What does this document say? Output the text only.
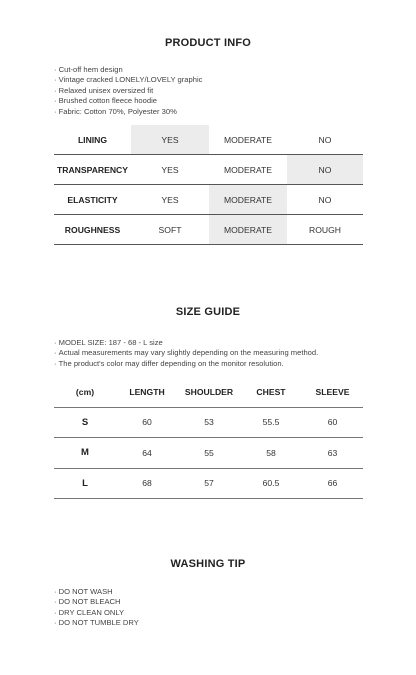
PRODUCT INFO
· Cut-off hem design
· Vintage cracked LONELY/LOVELY graphic
· Relaxed unisex oversized fit
· Brushed cotton fleece hoodie
· Fabric: Cotton 70%, Polyester 30%
LINING	YES	MODERATE	NO
TRANSPARENCY	YES	MODERATE	NO
ELASTICITY	YES	MODERATE	NO
ROUGHNESS	SOFT	MODERATE	ROUGH
SIZE GUIDE
· MODEL SIZE: 187 - 68 - L size
· Actual measurements may vary slightly depending on the measuring method.
· The product's color may differ depending on the monitor resolution.
(cm)	LENGTH	SHOULDER	CHEST	SLEEVE
S	60	53	55.5	60
M	64	55	58	63
L	68	57	60.5	66
WASHING TIP
· DO NOT WASH
· DO NOT BLEACH
· DRY CLEAN ONLY
· DO NOT TUMBLE DRY
